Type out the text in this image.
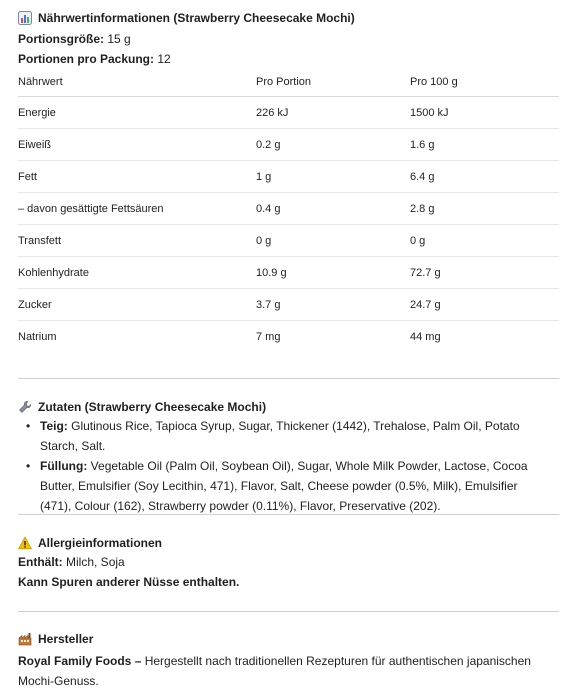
Nährwertinformationen (Strawberry Cheesecake Mochi)
Portionsgröße: 15 g
Portionen pro Packung: 12
Nährwert	Pro Portion	Pro 100 g
Energie	226 kJ	1500 kJ
Eiweiß	0.2 g	1.6 g
Fett	1 g	6.4 g
– davon gesättigte Fettsäuren	0.4 g	2.8 g
Transfett	0 g	0 g
Kohlenhydrate	10.9 g	72.7 g
Zucker	3.7 g	24.7 g
Natrium	7 mg	44 mg
Zutaten (Strawberry Cheesecake Mochi)
• Teig: Glutinous Rice, Tapioca Syrup, Sugar, Thickener (1442), Trehalose, Palm Oil, Potato Starch, Salt.
• Füllung: Vegetable Oil (Palm Oil, Soybean Oil), Sugar, Whole Milk Powder, Lactose, Cocoa Butter, Emulsifier (Soy Lecithin, 471), Flavor, Salt, Cheese powder (0.5%, Milk), Emulsifier (471), Colour (162), Strawberry powder (0.11%), Flavor, Preservative (202).
Allergieinformationen
Enthält: Milch, Soja
Kann Spuren anderer Nüsse enthalten.
Hersteller
Royal Family Foods – Hergestellt nach traditionellen Rezepturen für authentischen japanischen Mochi-Genuss.
